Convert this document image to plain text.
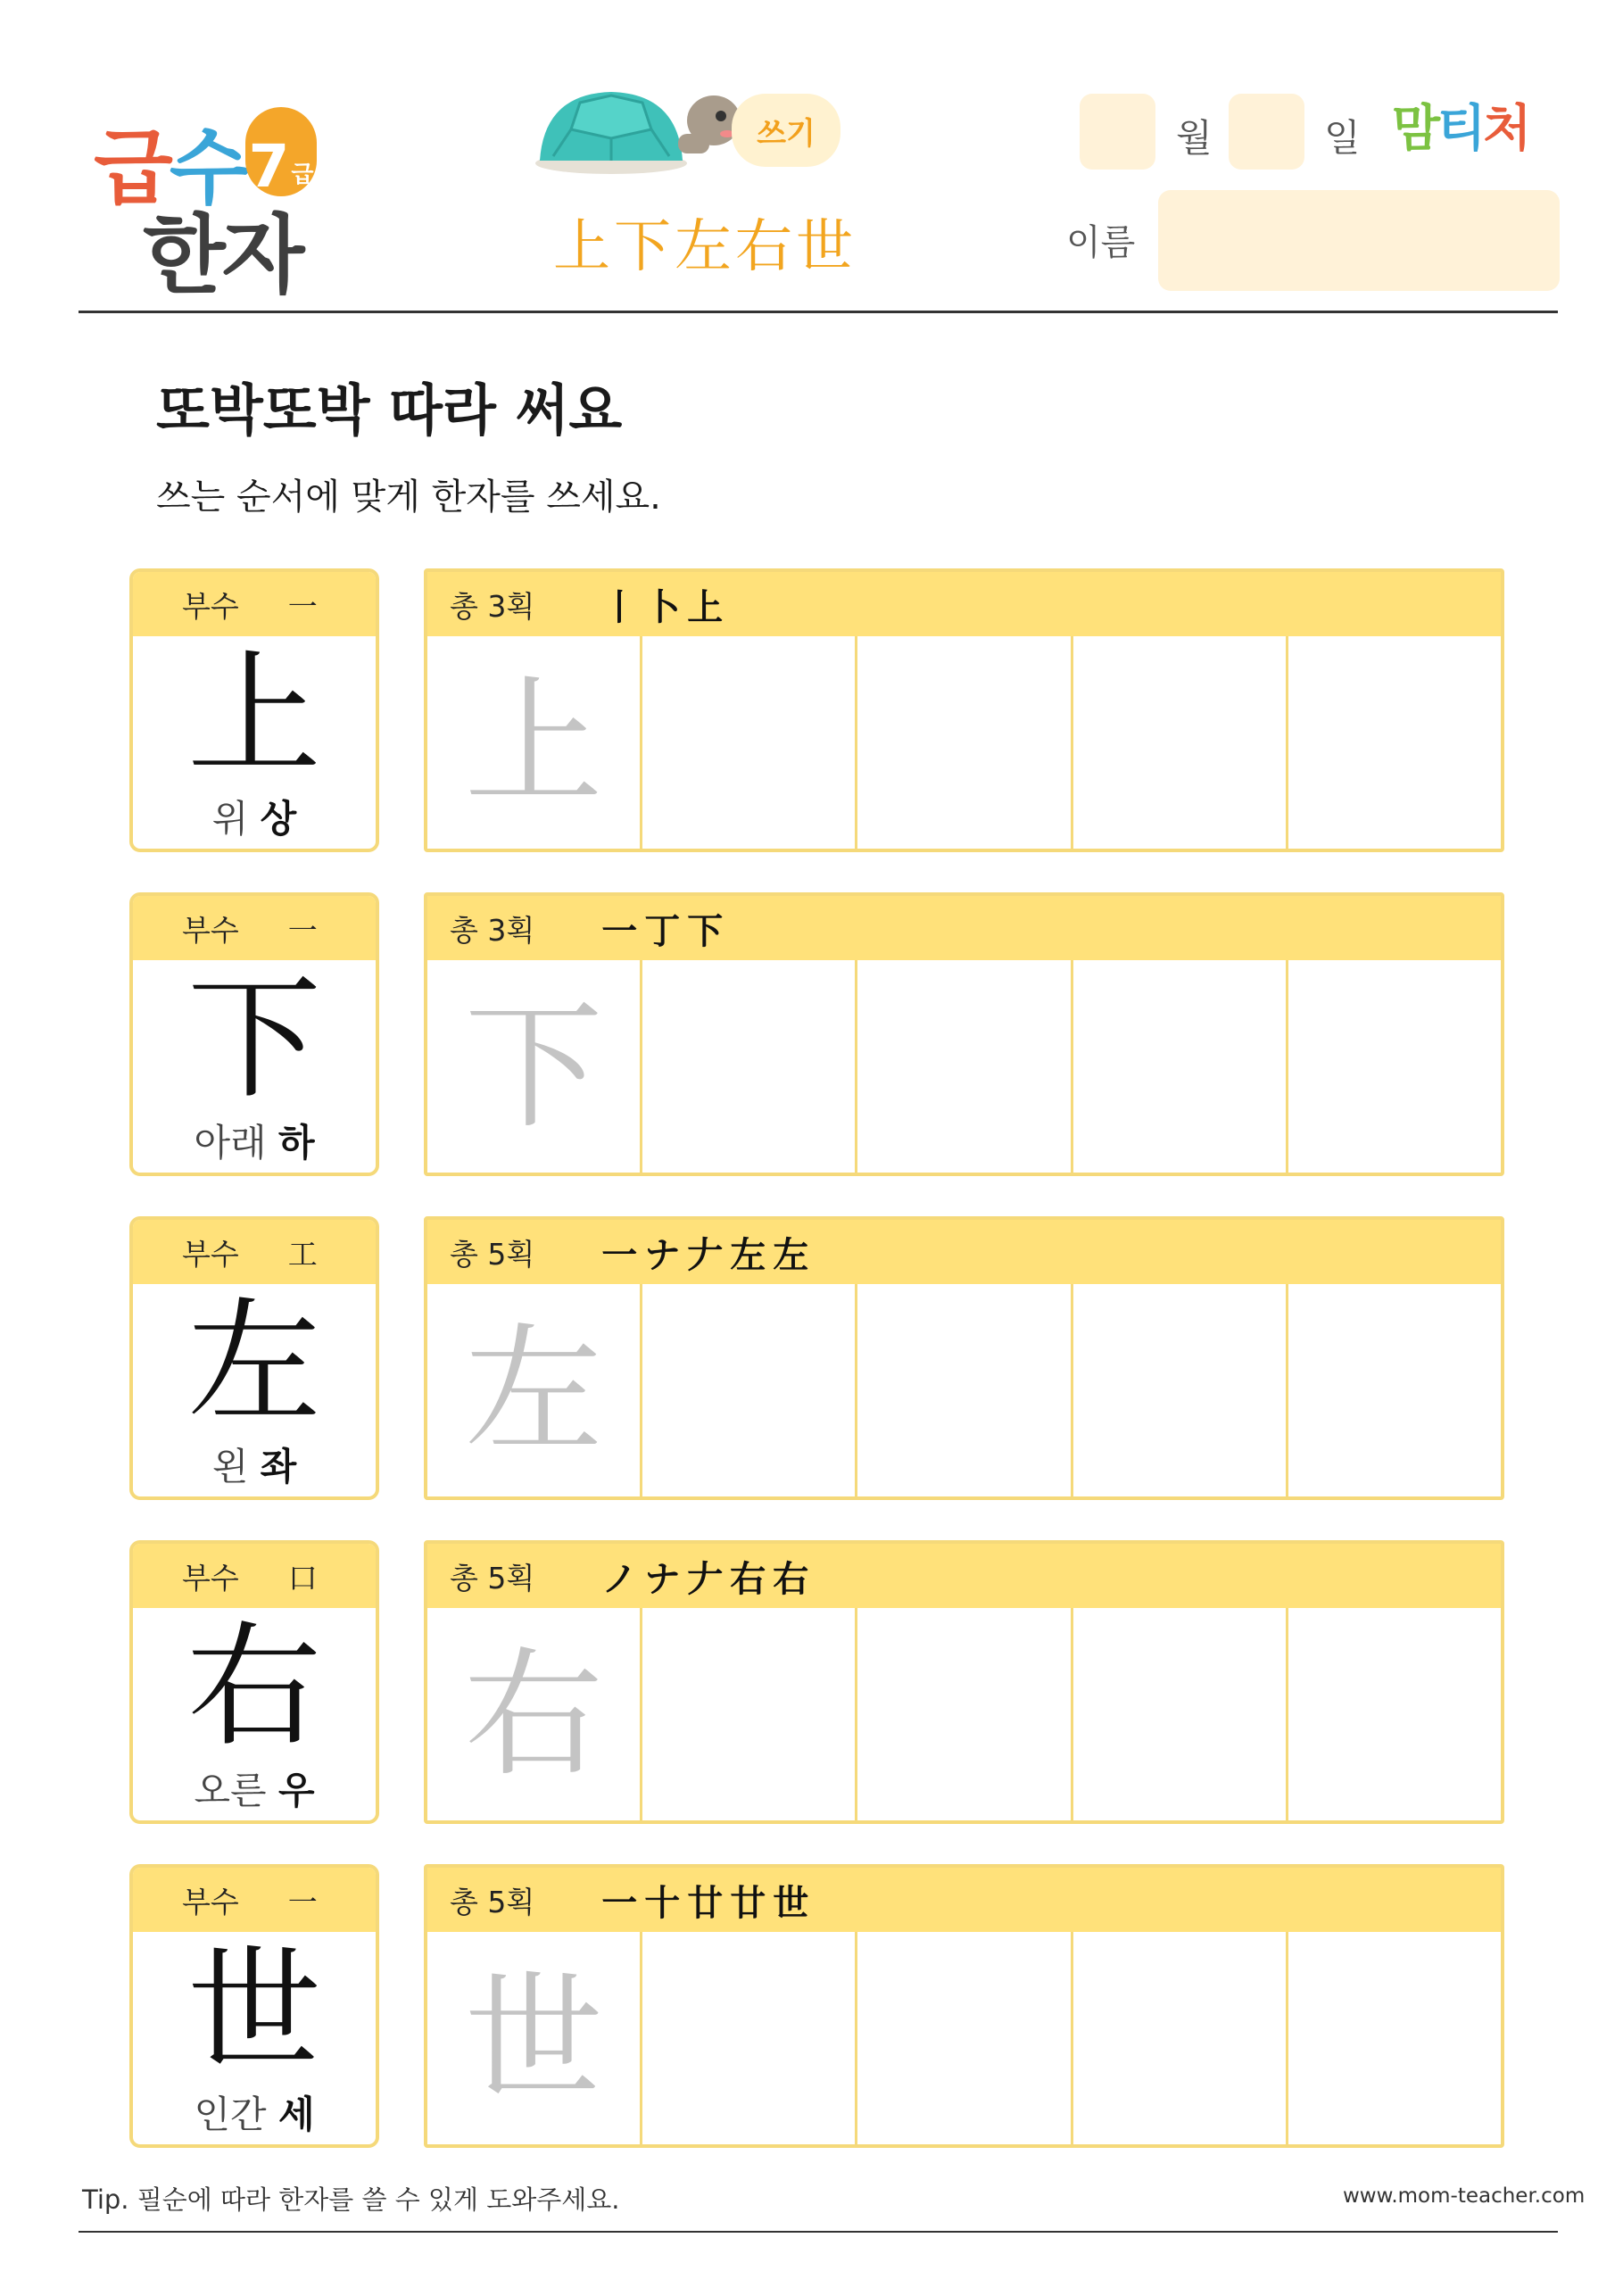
급수 7 급
한자
쓰기
上下左右世
월	일 맘티처
이름
또박또박 따라 써요
쓰는 순서에 맞게 한자를 쓰세요.
부수 一
上
위 상
총 3획 丨卜上
上
부수 一
下
아래 하
총 3획 一丁下
下
부수 工
左
왼 좌
총 5획 一ナ𠂇左左
左
부수 口
右
오른 우
총 5획 ノナ𠂇右右
右
부수 一
世
인간 세
총 5획 一十廿廿世
世
Tip. 필순에 따라 한자를 쓸 수 있게 도와주세요.	www.mom-teacher.com
